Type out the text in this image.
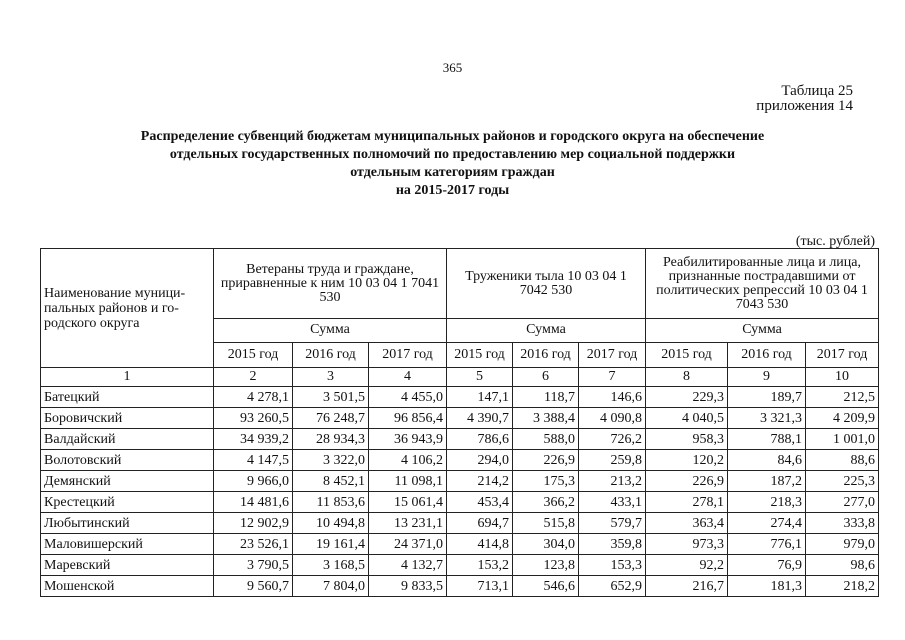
365
Таблица 25
приложения 14
Распределение субвенций бюджетам муниципальных районов и городского округа на обеспечение
отдельных государственных полномочий по предоставлению мер социальной поддержки
отдельным категориям граждан
на 2015-2017 годы
(тыс. рублей)
Наименование муници-пальных районов и го-родского округа	Ветераны труда и граждане, приравненные к ним 10 03 04 1 7041 530			Труженики тыла 10 03 04 1 7042 530			Реабилитированные лица и лица, признанные пострадавшими от политических репрессий 10 03 04 1 7043 530		
	Сумма			Сумма			Сумма		
	2015 год	2016 год	2017 год	2015 год	2016 год	2017 год	2015 год	2016 год	2017 год
1	2	3	4	5	6	7	8	9	10
Батецкий	4 278,1	3 501,5	4 455,0	147,1	118,7	146,6	229,3	189,7	212,5
Боровичский	93 260,5	76 248,7	96 856,4	4 390,7	3 388,4	4 090,8	4 040,5	3 321,3	4 209,9
Валдайский	34 939,2	28 934,3	36 943,9	786,6	588,0	726,2	958,3	788,1	1 001,0
Волотовский	4 147,5	3 322,0	4 106,2	294,0	226,9	259,8	120,2	84,6	88,6
Демянский	9 966,0	8 452,1	11 098,1	214,2	175,3	213,2	226,9	187,2	225,3
Крестецкий	14 481,6	11 853,6	15 061,4	453,4	366,2	433,1	278,1	218,3	277,0
Любытинский	12 902,9	10 494,8	13 231,1	694,7	515,8	579,7	363,4	274,4	333,8
Маловишерский	23 526,1	19 161,4	24 371,0	414,8	304,0	359,8	973,3	776,1	979,0
Маревский	3 790,5	3 168,5	4 132,7	153,2	123,8	153,3	92,2	76,9	98,6
Мошенской	9 560,7	7 804,0	9 833,5	713,1	546,6	652,9	216,7	181,3	218,2
